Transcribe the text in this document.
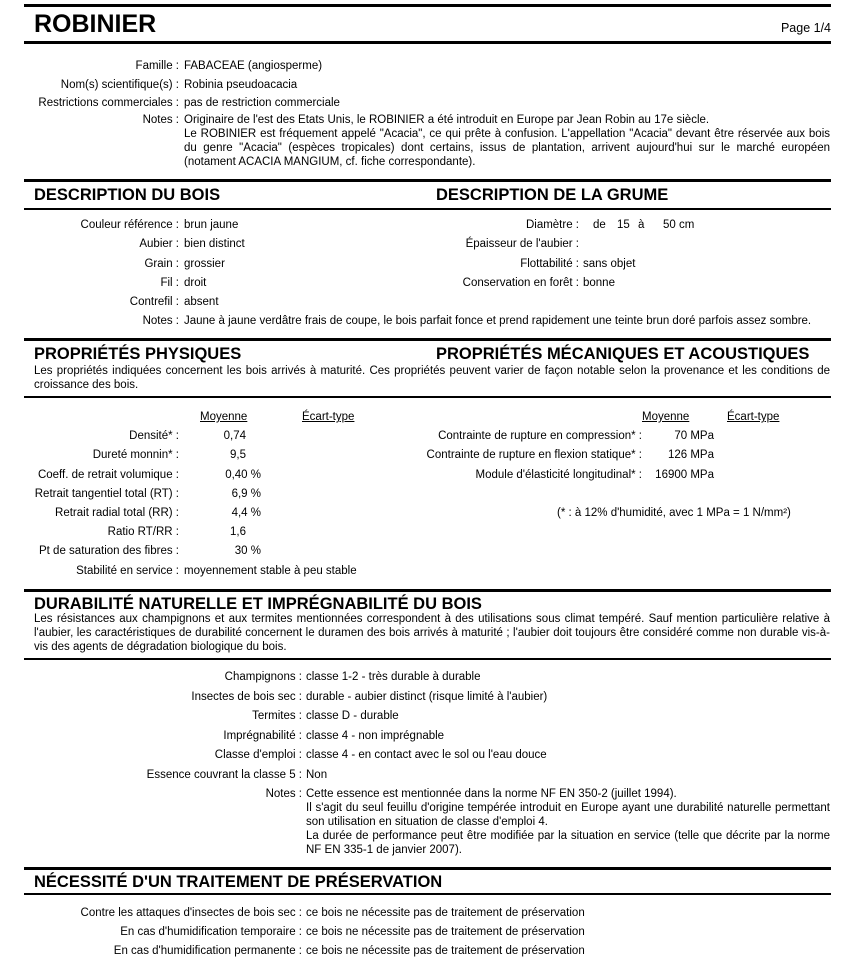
ROBINIER	Page 1/4
Famille : FABACEAE (angiosperme)
Nom(s) scientifique(s) : Robinia pseudoacacia
Restrictions commerciales : pas de restriction commerciale
Notes : Originaire de l'est des Etats Unis, le ROBINIER a été introduit en Europe par Jean Robin au 17e siècle.
Le ROBINIER est fréquement appelé "Acacia", ce qui prête à confusion. L'appellation "Acacia" devant être réservée aux bois du genre "Acacia" (espèces tropicales) dont certains, issus de plantation, arrivent aujourd'hui sur le marché européen (notament ACACIA MANGIUM, cf. fiche correspondante).
DESCRIPTION DU BOIS	DESCRIPTION DE LA GRUME
Couleur référence : brun jaune
Aubier : bien distinct
Grain : grossier
Fil : droit
Contrefil : absent
Notes : Jaune à jaune verdâtre frais de coupe, le bois parfait fonce et prend rapidement une teinte brun doré parfois assez sombre.
Diamètre : de 15 à 50 cm
Épaisseur de l'aubier :
Flottabilité : sans objet
Conservation en forêt : bonne
PROPRIÉTÉS PHYSIQUES	PROPRIÉTÉS MÉCANIQUES ET ACOUSTIQUES
Les propriétés indiquées concernent les bois arrivés à maturité. Ces propriétés peuvent varier de façon notable selon la provenance et les conditions de croissance des bois.
Moyenne	Écart-type	Moyenne	Écart-type
Densité* :	0,74
Dureté monnin* :	9,5
Coeff. de retrait volumique :	0,40 %
Retrait tangentiel total (RT) :	6,9 %
Retrait radial total (RR) :	4,4 %
Ratio RT/RR :	1,6
Pt de saturation des fibres :	30 %
Stabilité en service : moyennement stable à peu stable
Contrainte de rupture en compression* :	70 MPa
Contrainte de rupture en flexion statique* : 126 MPa
Module d'élasticité longitudinal* : 16900 MPa
(* : à 12% d'humidité, avec 1 MPa = 1 N/mm²)
DURABILITÉ NATURELLE ET IMPRÉGNABILITÉ DU BOIS
Les résistances aux champignons et aux termites mentionnées correspondent à des utilisations sous climat tempéré. Sauf mention particulière relative à l'aubier, les caractéristiques de durabilité concernent le duramen des bois arrivés à maturité ; l'aubier doit toujours être considéré comme non durable vis-à-vis des agents de dégradation biologique du bois.
Champignons : classe 1-2 - très durable à durable
Insectes de bois sec : durable - aubier distinct (risque limité à l'aubier)
Termites : classe D - durable
Imprégnabilité : classe 4 - non imprégnable
Classe d'emploi : classe 4 - en contact avec le sol ou l'eau douce
Essence couvrant la classe 5 : Non
Notes : Cette essence est mentionnée dans la norme NF EN 350-2 (juillet 1994).
Il s'agit du seul feuillu d'origine tempérée introduit en Europe ayant une durabilité naturelle permettant son utilisation en situation de classe d'emploi 4.
La durée de performance peut être modifiée par la situation en service (telle que décrite par la norme NF EN 335-1 de janvier 2007).
NÉCESSITÉ D'UN TRAITEMENT DE PRÉSERVATION
Contre les attaques d'insectes de bois sec : ce bois ne nécessite pas de traitement de préservation
En cas d'humidification temporaire : ce bois ne nécessite pas de traitement de préservation
En cas d'humidification permanente : ce bois ne nécessite pas de traitement de préservation
